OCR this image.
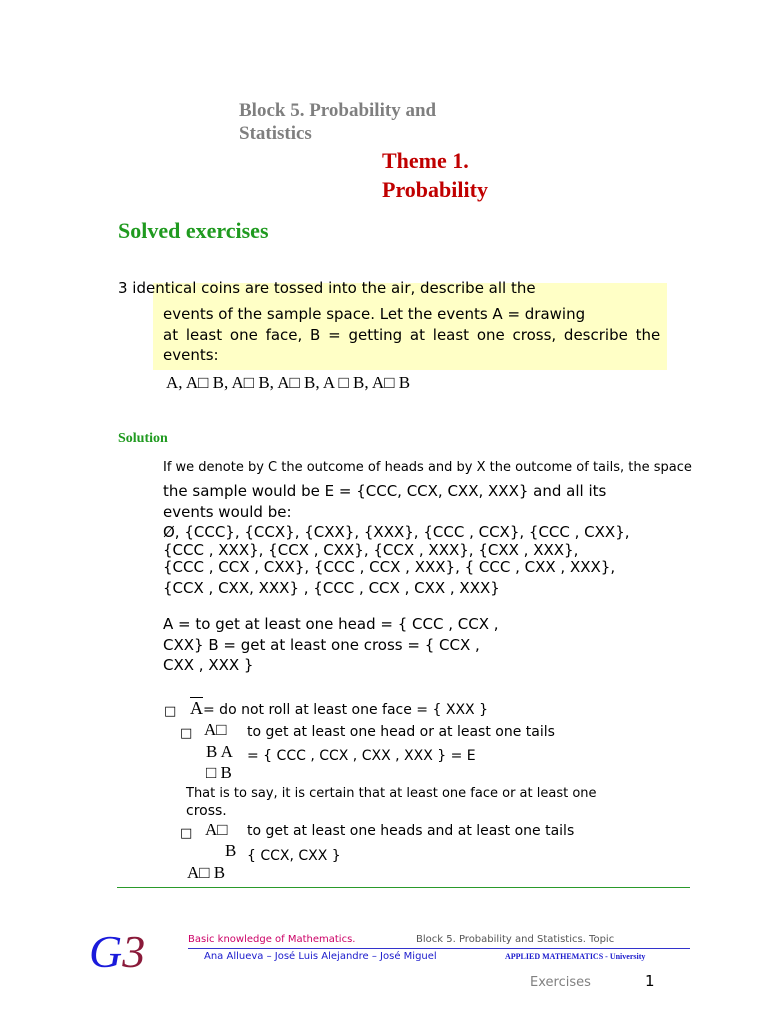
Block 5. Probability and
Statistics
Theme 1.
Probability
Solved exercises
3 identical coins are tossed into the air, describe all the
events of the sample space. Let the events A = drawing
at least one face, B = getting at least one cross, describe the
events:
A, A□ B, A□ B, A□ B, A □ B, A□ B
Solution
If we denote by C the outcome of heads and by X the outcome of tails, the space
the sample would be E = {CCC, CCX, CXX, XXX} and all its
events would be:
Ø, {CCC}, {CCX}, {CXX}, {XXX}, {CCC , CCX}, {CCC , CXX},
{CCC , XXX}, {CCX , CXX}, {CCX , XXX}, {CXX , XXX},
{CCC , CCX , CXX}, {CCC , CCX , XXX}, { CCC , CXX , XXX},
{CCX , CXX, XXX} , {CCC , CCX , CXX , XXX}
A = to get at least one head = { CCC , CCX ,
CXX} B = get at least one cross = { CCX ,
CXX , XXX }
□ $\overline{A}$ = do not roll at least one face = { XXX }
□ A□ to get at least one head or at least one tails
B A = { CCC , CCX , CXX , XXX } = E
□ B
That is to say, it is certain that at least one face or at least one
cross.
□ A□ to get at least one heads and at least one tails
B { CCX, CXX }
A□ B
G3	Basic knowledge of Mathematics.	Block 5. Probability and Statistics. Topic
Ana Allueva – José Luis Alejandre – José Miguel	APPLIED MATHEMATICS - University
Exercises	1
